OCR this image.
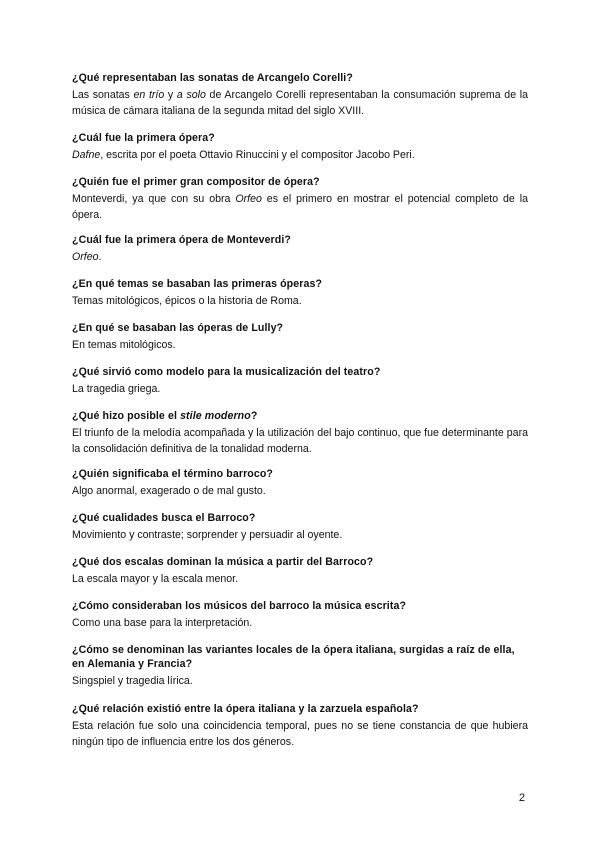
¿Qué representaban las sonatas de Arcangelo Corelli?

Las sonatas en trío y a solo de Arcangelo Corelli representaban la consumación suprema de la música de cámara italiana de la segunda mitad del siglo XVIII.

¿Cuál fue la primera ópera?

Dafne, escrita por el poeta Ottavio Rinuccini y el compositor Jacobo Peri.

¿Quién fue el primer gran compositor de ópera?

Monteverdi, ya que con su obra Orfeo es el primero en mostrar el potencial completo de la ópera.

¿Cuál fue la primera ópera de Monteverdi?

Orfeo.

¿En qué temas se basaban las primeras óperas?

Temas mitológicos, épicos o la historia de Roma.

¿En qué se basaban las óperas de Lully?

En temas mitológicos.

¿Qué sirvió como modelo para la musicalización del teatro?

La tragedia griega.

¿Qué hizo posible el stile moderno?

El triunfo de la melodía acompañada y la utilización del bajo continuo, que fue determinante para la consolidación definitiva de la tonalidad moderna.

¿Quién significaba el término barroco?

Algo anormal, exagerado o de mal gusto.

¿Qué cualidades busca el Barroco?

Movimiento y contraste; sorprender y persuadir al oyente.

¿Qué dos escalas dominan la música a partir del Barroco?

La escala mayor y la escala menor.

¿Cómo consideraban los músicos del barroco la música escrita?

Como una base para la interpretación.

¿Cómo se denominan las variantes locales de la ópera italiana, surgidas a raíz de ella, en Alemania y Francia?

Singspiel y tragedia lírica.

¿Qué relación existió entre la ópera italiana y la zarzuela española?

Esta relación fue solo una coincidencia temporal, pues no se tiene constancia de que hubiera ningún tipo de influencia entre los dos géneros.

2
